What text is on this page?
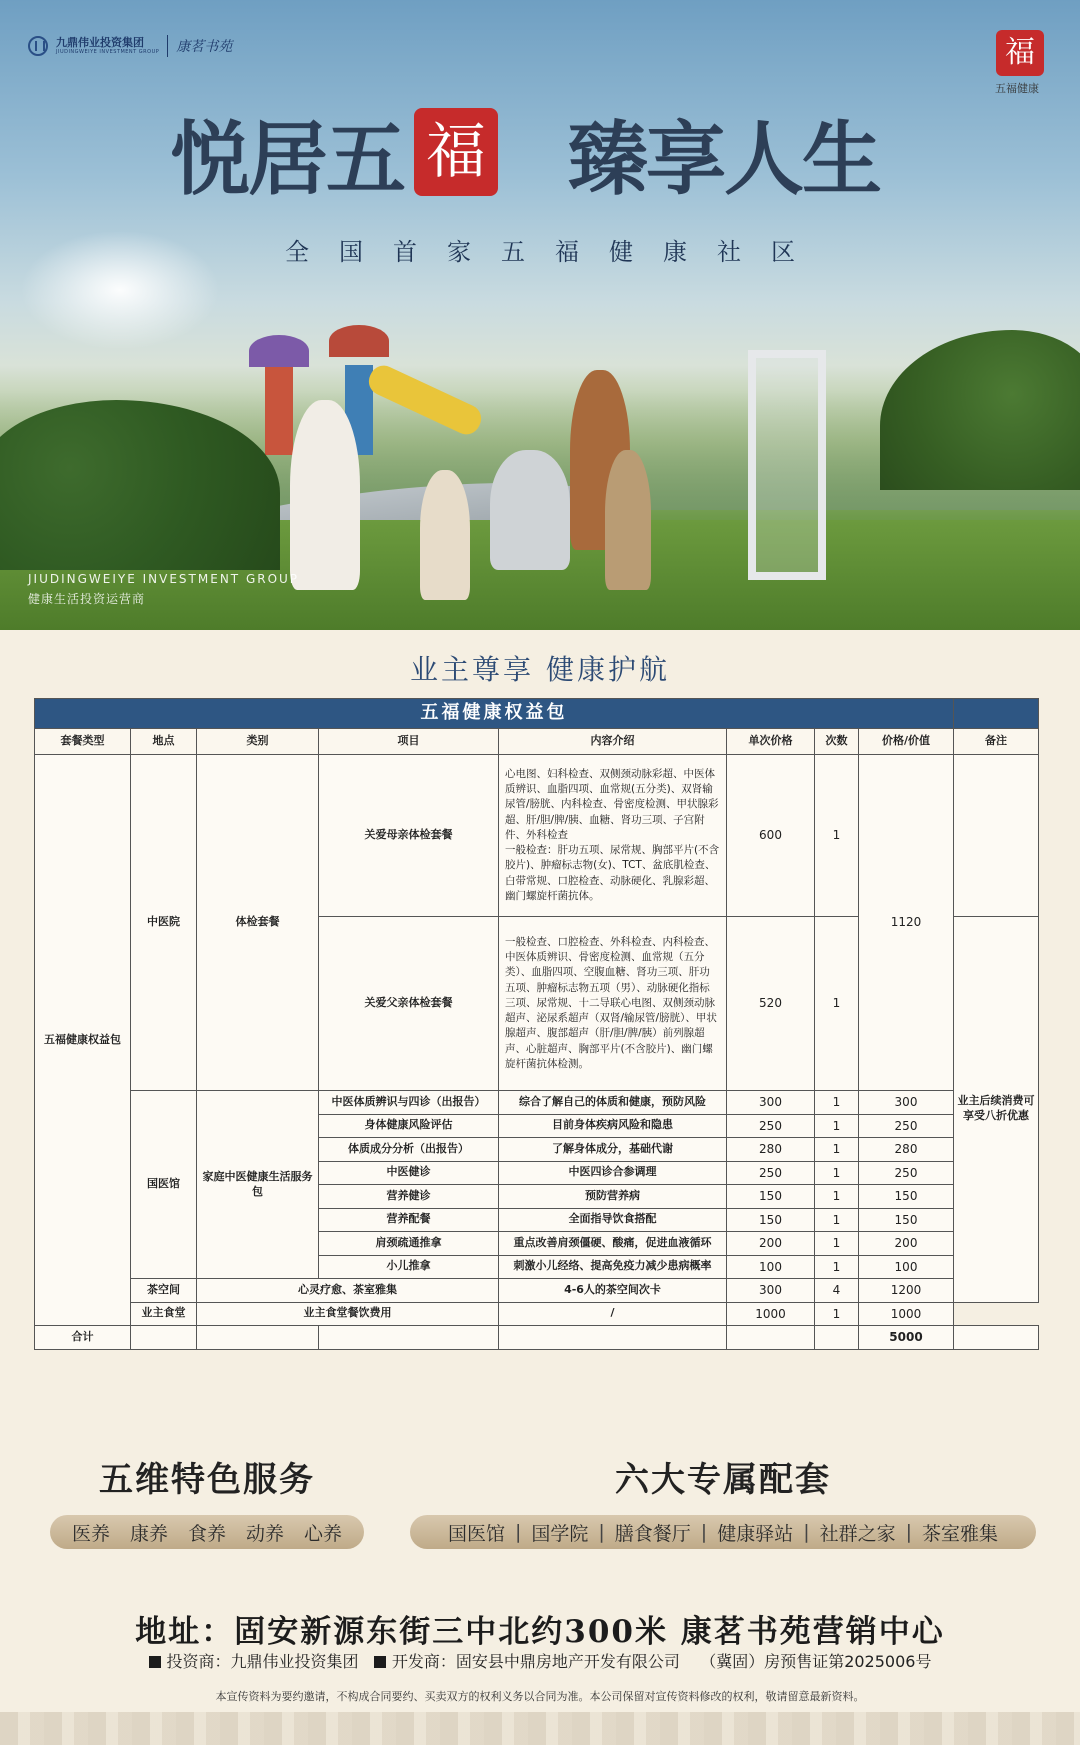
九鼎伟业投资集团
JIUDINGWEIYE INVESTMENT GROUP 康茗书苑	福
五福健康
悦居五 福 臻享人生
全国首家五福健康社区
JIUDINGWEIYE INVESTMENT GROUP
健康生活投资运营商
业主尊享 健康护航
五福健康权益包								
套餐类型	地点	类别	项目	内容介绍	单次价格	次数	价格/价值	备注
五福健康权益包	中医院	体检套餐	关爱母亲体检套餐	心电图、妇科检查、双侧颈动脉彩超、中医体质辨识、血脂四项、血常规(五分类)、双肾输尿管/膀胱、内科检查、骨密度检测、甲状腺彩超、肝/胆/脾/胰、血糖、肾功三项、子宫附件、外科检查
一般检查：肝功五项、尿常规、胸部平片(不含胶片)、肿瘤标志物(女)、TCT、盆底肌检查、白带常规、口腔检查、动脉硬化、乳腺彩超、幽门螺旋杆菌抗体。	600	1	1120	
			关爱父亲体检套餐	一般检查、口腔检查、外科检查、内科检查、中医体质辨识、骨密度检测、血常规（五分类）、血脂四项、空腹血糖、肾功三项、肝功五项、肿瘤标志物五项（男）、动脉硬化指标三项、尿常规、十二导联心电图、双侧颈动脉超声、泌尿系超声（双肾/输尿管/膀胱）、甲状腺超声、腹部超声（肝/胆/脾/胰）前列腺超声、心脏超声、胸部平片(不含胶片)、幽门螺旋杆菌抗体检测。	520	1		业主后续消费可享受八折优惠
	国医馆	家庭中医健康生活服务包	中医体质辨识与四诊（出报告）	综合了解自己的体质和健康，预防风险	300	1	300	
			身体健康风险评估	目前身体疾病风险和隐患	250	1	250	
			体质成分分析（出报告）	了解身体成分，基础代谢	280	1	280	
			中医健诊	中医四诊合参调理	250	1	250	
			营养健诊	预防营养病	150	1	150	
			营养配餐	全面指导饮食搭配	150	1	150	
			肩颈疏通推拿	重点改善肩颈僵硬、酸痛，促进血液循环	200	1	200	
			小儿推拿	刺激小儿经络、提高免疫力减少患病概率	100	1	100	
	茶空间	心灵疗愈、茶室雅集		4-6人的茶空间次卡	300	4	1200	
	业主食堂	业主食堂餐饮费用		/	1000	1	1000	
合计							5000	
五维特色服务
医养	康养	食养	动养	心养
六大专属配套
国医馆 | 国学院 | 膳食餐厅 | 健康驿站 | 社群之家 | 茶室雅集
地址：固安新源东街三中北约300米 康茗书苑营销中心
投资商：九鼎伟业投资集团 开发商：固安县中鼎房地产开发有限公司 （冀固）房预售证第2025006号
本宣传资料为要约邀请，不构成合同要约、买卖双方的权利义务以合同为准。本公司保留对宣传资料修改的权利，敬请留意最新资料。
